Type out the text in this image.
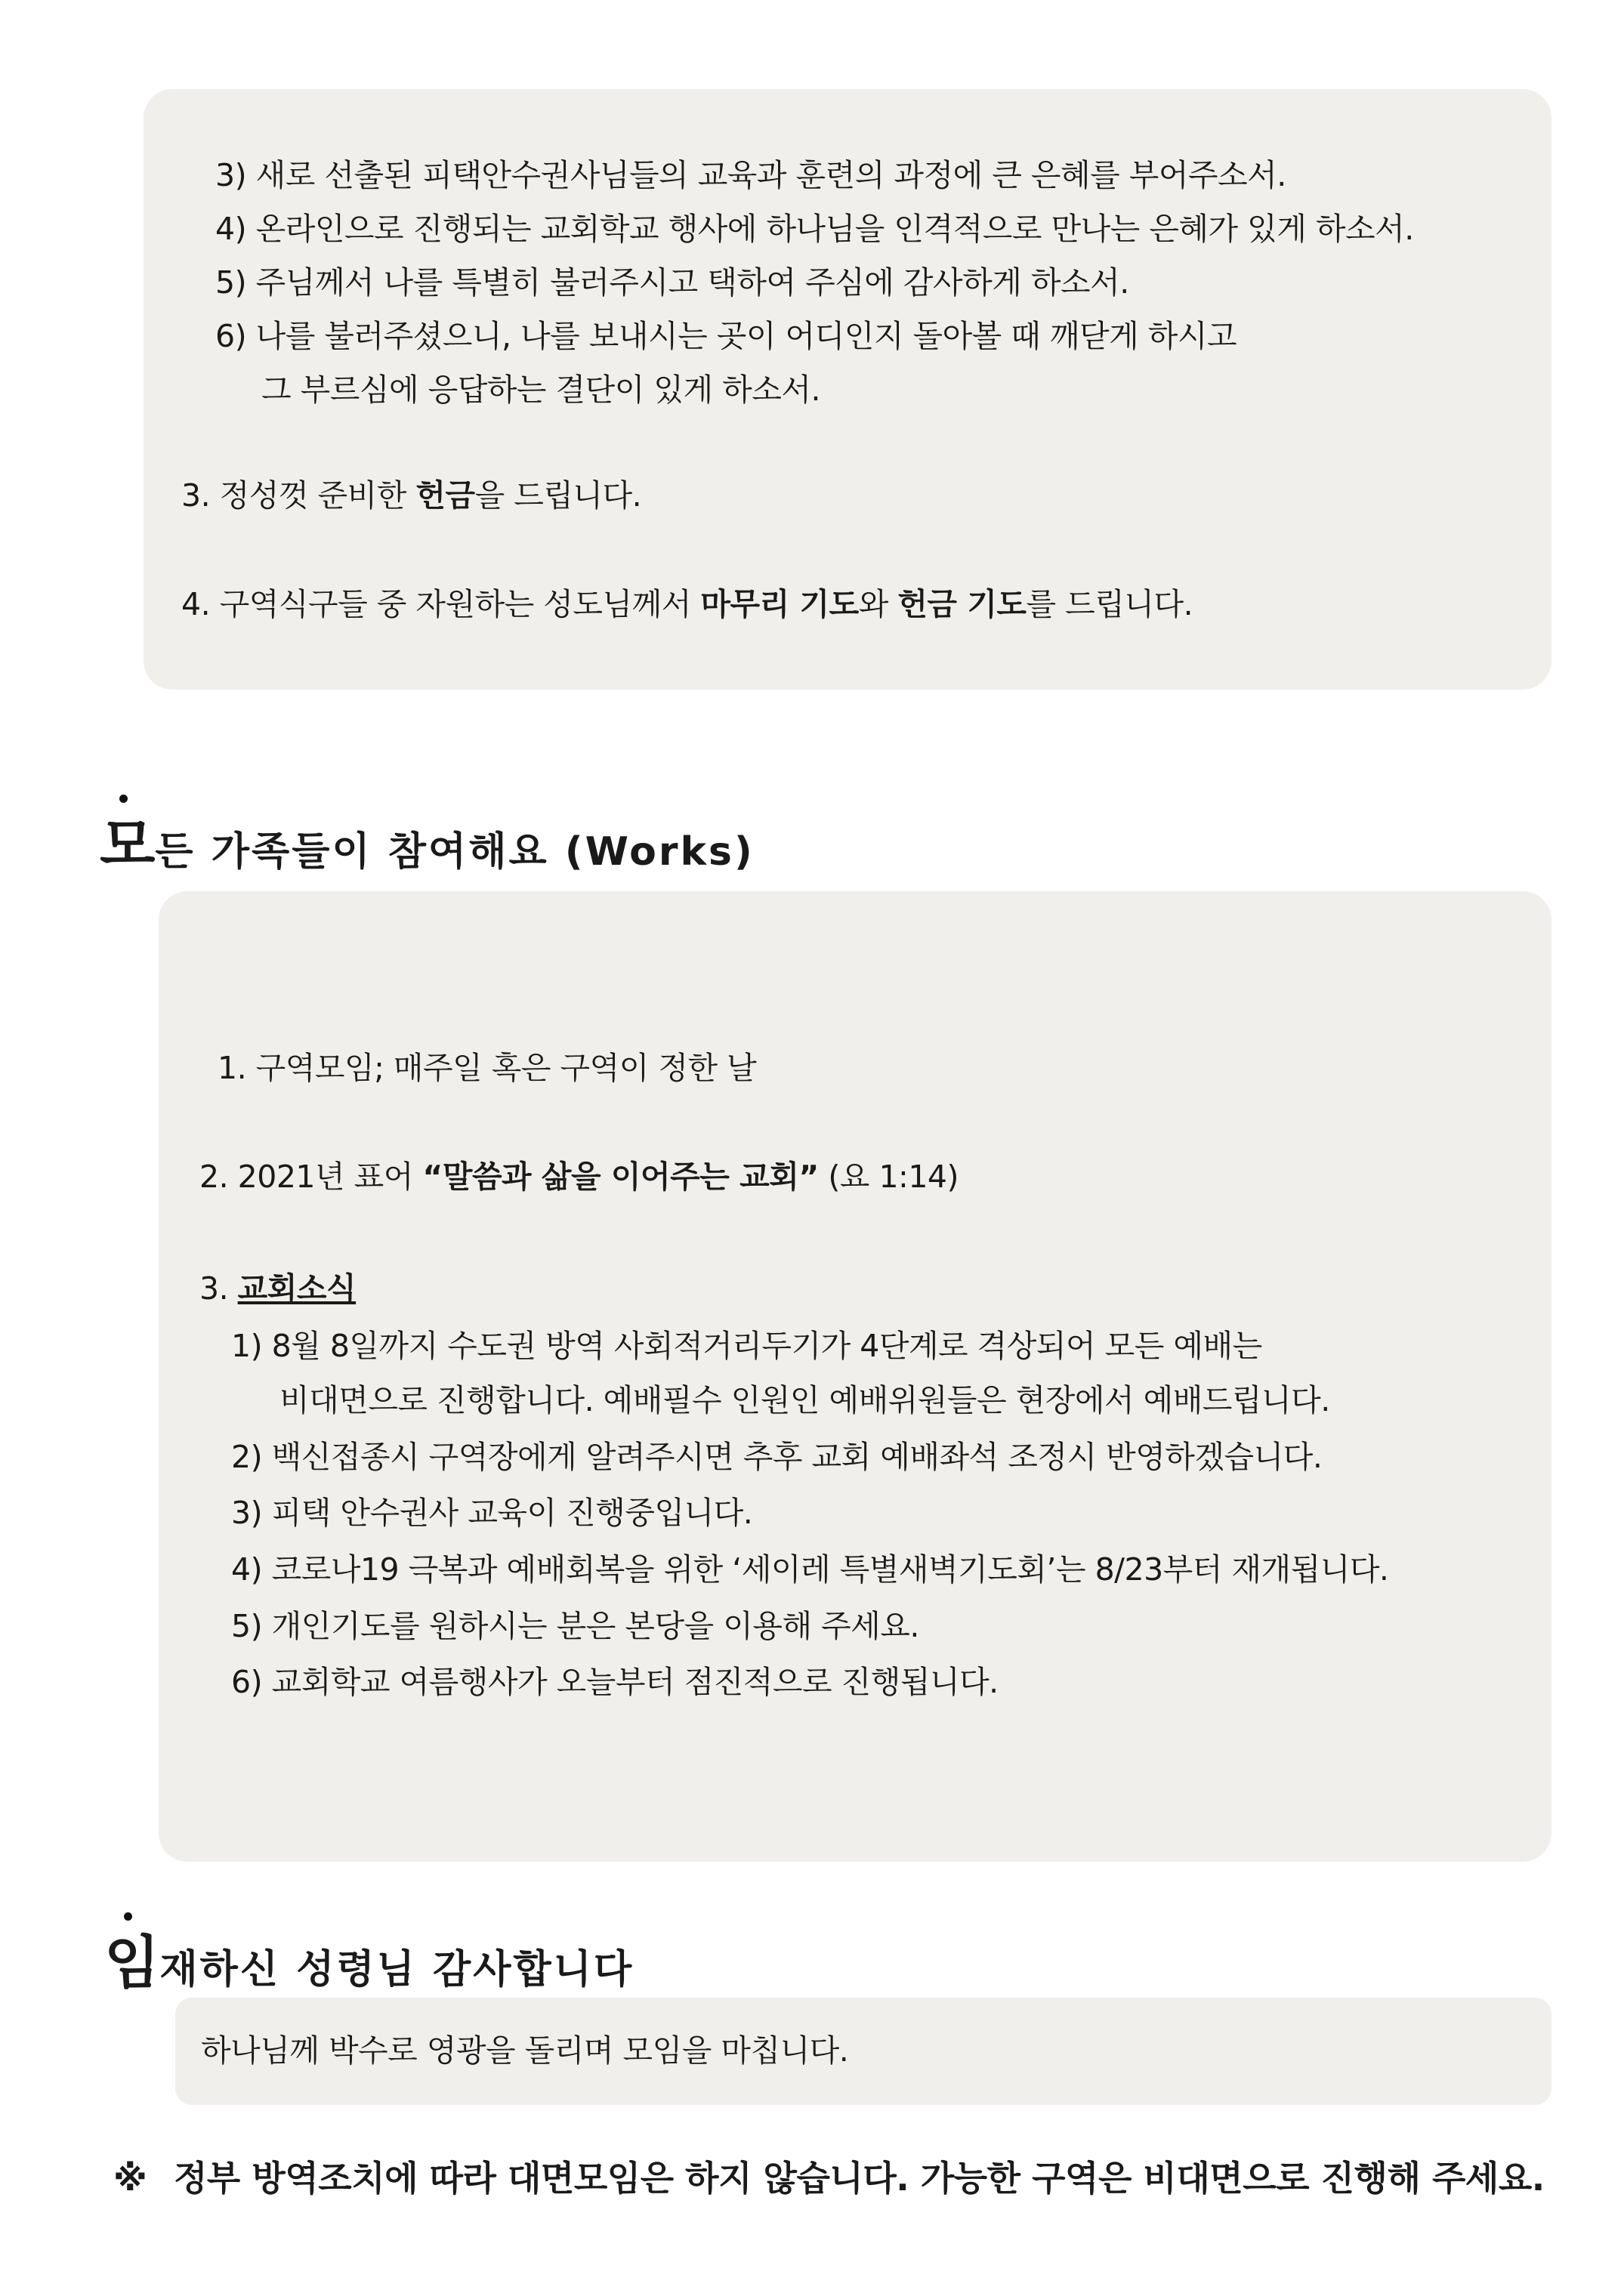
3) 새로 선출된 피택안수권사님들의 교육과 훈련의 과정에 큰 은혜를 부어주소서.
4) 온라인으로 진행되는 교회학교 행사에 하나님을 인격적으로 만나는 은혜가 있게 하소서.
5) 주님께서 나를 특별히 불러주시고 택하여 주심에 감사하게 하소서.
6) 나를 불러주셨으니, 나를 보내시는 곳이 어디인지 돌아볼 때 깨닫게 하시고
그 부르심에 응답하는 결단이 있게 하소서.
3. 정성껏 준비한 헌금을 드립니다.
4. 구역식구들 중 자원하는 성도님께서 마무리 기도와 헌금 기도를 드립니다.
모든 가족들이 참여해요 (Works)
1. 구역모임; 매주일 혹은 구역이 정한 날
2. 2021년 표어 “말씀과 삶을 이어주는 교회” (요 1:14)
3. 교회소식
1) 8월 8일까지 수도권 방역 사회적거리두기가 4단계로 격상되어 모든 예배는
비대면으로 진행합니다. 예배필수 인원인 예배위원들은 현장에서 예배드립니다.
2) 백신접종시 구역장에게 알려주시면 추후 교회 예배좌석 조정시 반영하겠습니다.
3) 피택 안수권사 교육이 진행중입니다.
4) 코로나19 극복과 예배회복을 위한 ‘세이레 특별새벽기도회’는 8/23부터 재개됩니다.
5) 개인기도를 원하시는 분은 본당을 이용해 주세요.
6) 교회학교 여름행사가 오늘부터 점진적으로 진행됩니다.
임재하신 성령님 감사합니다
하나님께 박수로 영광을 돌리며 모임을 마칩니다.
※ 정부 방역조치에 따라 대면모임은 하지 않습니다. 가능한 구역은 비대면으로 진행해 주세요.
